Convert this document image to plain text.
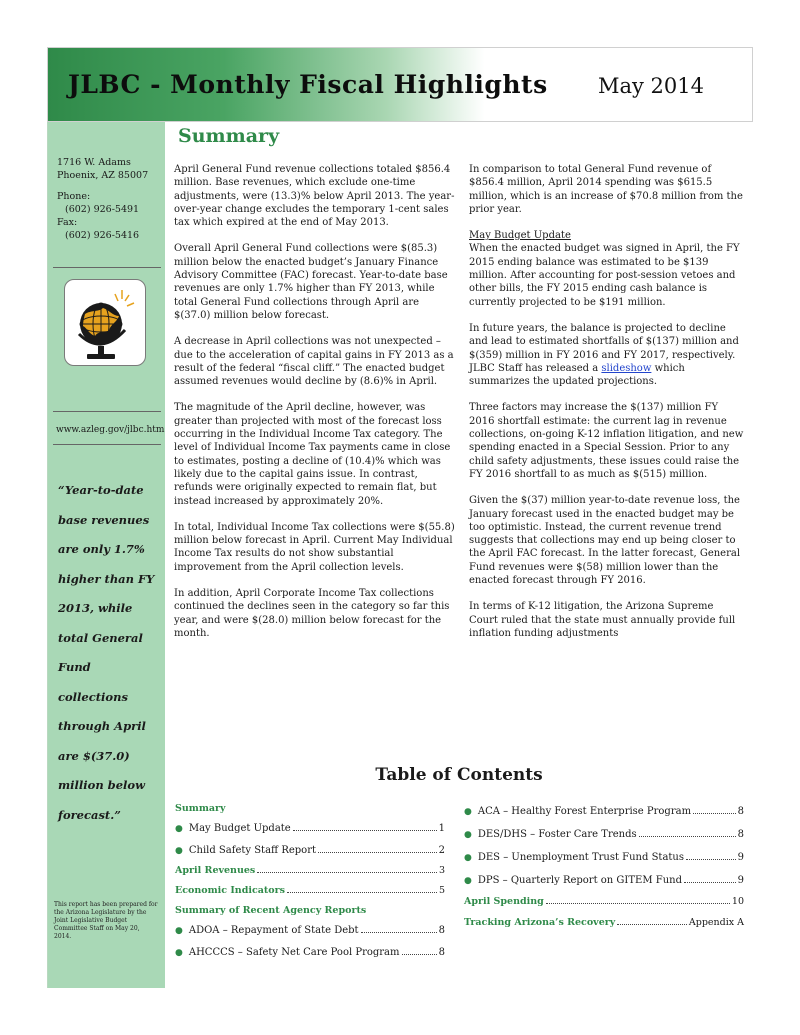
JLBC - Monthly Fiscal Highlights May 2014
1716 W. Adams
Phoenix, AZ 85007
Phone:
(602) 926-5491
Fax:
(602) 926-5416
www.azleg.gov/jlbc.htm
“Year-to-date base revenues are only 1.7% higher than FY 2013, while total General Fund collections through April are $(37.0) million below forecast.”
This report has been prepared for the Arizona Legislature by the Joint Legislative Budget Committee Staff on May 20, 2014.
Summary

April General Fund revenue collections totaled $856.4 million. Base revenues, which exclude one-time adjustments, were (13.3)% below April 2013. The year-over-year change excludes the temporary 1-cent sales tax which expired at the end of May 2013.

Overall April General Fund collections were $(85.3) million below the enacted budget’s January Finance Advisory Committee (FAC) forecast. Year-to-date base revenues are only 1.7% higher than FY 2013, while total General Fund collections through April are $(37.0) million below forecast.

A decrease in April collections was not unexpected – due to the acceleration of capital gains in FY 2013 as a result of the federal “fiscal cliff.” The enacted budget assumed revenues would decline by (8.6)% in April.

The magnitude of the April decline, however, was greater than projected with most of the forecast loss occurring in the Individual Income Tax category. The level of Individual Income Tax payments came in close to estimates, posting a decline of (10.4)% which was likely due to the capital gains issue. In contrast, refunds were originally expected to remain flat, but instead increased by approximately 20%.

In total, Individual Income Tax collections were $(55.8) million below forecast in April. Current May Individual Income Tax results do not show substantial improvement from the April collection levels.

In addition, April Corporate Income Tax collections continued the declines seen in the category so far this year, and were $(28.0) million below forecast for the month.

In comparison to total General Fund revenue of $856.4 million, April 2014 spending was $615.5 million, which is an increase of $70.8 million from the prior year.

May Budget Update

When the enacted budget was signed in April, the FY 2015 ending balance was estimated to be $139 million. After accounting for post-session vetoes and other bills, the FY 2015 ending cash balance is currently projected to be $191 million.

In future years, the balance is projected to decline and lead to estimated shortfalls of $(137) million and $(359) million in FY 2016 and FY 2017, respectively. JLBC Staff has released a slideshow which summarizes the updated projections.

Three factors may increase the $(137) million FY 2016 shortfall estimate: the current lag in revenue collections, on-going K-12 inflation litigation, and new spending enacted in a Special Session. Prior to any child safety adjustments, these issues could raise the FY 2016 shortfall to as much as $(515) million.

Given the $(37) million year-to-date revenue loss, the January forecast used in the enacted budget may be too optimistic. Instead, the current revenue trend suggests that collections may end up being closer to the April FAC forecast. In the latter forecast, General Fund revenues were $(58) million lower than the enacted forecast through FY 2016.

In terms of K-12 litigation, the Arizona Supreme Court ruled that the state must annually provide full inflation funding adjustments

Table of Contents
Summary
● May Budget Update	1
● Child Safety Staff Report	2
April Revenues	3
Economic Indicators	5
Summary of Recent Agency Reports
● ADOA – Repayment of State Debt	8
● AHCCCS – Safety Net Care Pool Program	8
● ACA – Healthy Forest Enterprise Program	8
● DES/DHS – Foster Care Trends	8
● DES – Unemployment Trust Fund Status	9
● DPS – Quarterly Report on GITEM Fund	9
April Spending	10
Tracking Arizona’s Recovery	Appendix A
